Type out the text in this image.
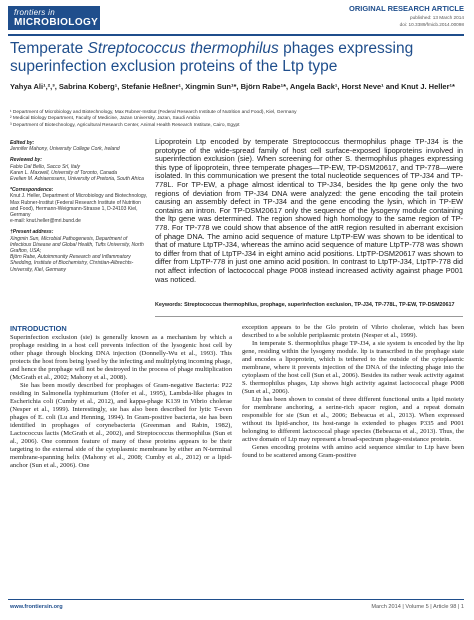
frontiers in
MICROBIOLOGY
ORIGINAL RESEARCH ARTICLE
published: 13 March 2014
doi: 10.3389/fmicb.2014.00098
Temperate Streptococcus thermophilus phages expressing superinfection exclusion proteins of the Ltp type
Yahya Ali¹,²,³, Sabrina Koberg¹, Stefanie Heßner¹, Xingmin Sun¹*, Björn Rabe¹*, Angela Back¹, Horst Neve¹ and Knut J. Heller¹*
¹ Department of Microbiology and Biotechnology, Max Rubner-Institut (Federal Research Institute of Nutrition and Food), Kiel, Germany
² Medical Biology Department, Faculty of Medicine, Jazan University, Jazan, Saudi Arabia
³ Department of Biotechnology, Agricultural Research Center, Animal Health Research Institute, Cairo, Egypt

Edited by:
Jennifer Mahony, University College Cork, Ireland

Reviewed by:
Fabio Dal Bello, Sacco Srl, Italy
Karen L. Maxwell, University of Toronto, Canada
Evelien M. Adriaenssens, University of Pretoria, South Africa

*Correspondence:
Knut J. Heller, Department of Microbiology and Biotechnology, Max Rubner-Institut (Federal Research Institute of Nutrition and Food), Hermann-Weigmann-Strasse 1, D-24103 Kiel, Germany
e-mail: knut.heller@mri.bund.de

†Present address:
Xingmin Sun, Microbial Pathogenesis, Department of Infectious Disease and Global Health, Tufts University, North Grafton, USA;
Björn Rabe, Autoimmunity Research and Inflammatory Shedding, Institute of Biochemistry, Christian-Albrechts-University, Kiel, Germany

Lipoprotein Ltp encoded by temperate Streptococcus thermophilus phage TP-J34 is the prototype of the wide-spread family of host cell surface-exposed lipoproteins involved in superinfection exclusion (sie). When screening for other S. thermophilus phages expressing this type of lipoprotein, three temperate phages—TP-EW, TP-DSM20617, and TP-778—were isolated. In this communication we present the total nucleotide sequences of TP-J34 and TP-778L. For TP-EW, a phage almost identical to TP-J34, besides the ltp gene only the two regions of deviation from TP-J34 DNA were analyzed: the gene encoding the tail protein causing an assembly defect in TP-J34 and the gene encoding the lysin, which in TP-EW contains an intron. For TP-DSM20617 only the sequence of the lysogeny module containing the ltp gene was determined. The region showed high homology to the same region of TP-778. For TP-778 we could show that absence of the attR region resulted in aberrant excision of phage DNA. The amino acid sequence of mature LtpTP-EW was shown to be identical to that of mature LtpTP-J34, whereas the amino acid sequence of mature LtpTP-778 was shown to differ from that of LtpTP-J34 in eight amino acid positions. LtpTP-DSM20617 was shown to differ from LtpTP-778 in just one amino acid position. In contrast to LtpTP-J34, LtpTP-778 did not affect infection of lactococcal phage P008 instead increased activity against phage P001 was noticed.

Keywords: Streptococcus thermophilus, prophage, superinfection exclusion, TP-J34, TP-778L, TP-EW, TP-DSM20617
INTRODUCTION

Superinfection exclusion (sie) is generally known as a mechanism by which a prophage residing in a host cell prevents infection of the lysogenic host cell by other phage through blocking DNA injection (Donnelly-Wu et al., 1993). This protects the host from being lysed by the infecting and multiplying incoming phage, and hence the prophage will not be destroyed in the process of phage multiplication (McGrath et al., 2002; Mahony et al., 2008).

Sie has been mostly described for prophages of Gram-negative Bacteria: P22 residing in Salmonella typhimurium (Hofer et al., 1995), Lambda-like phages in Escherichia coli (Cumby et al., 2012), and kappa-phage K139 in Vibrio cholerae (Nesper et al., 1999). Interestingly, sie has also been described for lytic T-even phages of E. coli (Lu and Henning, 1994). In Gram-positive bacteria, sie has been identified in prophages of corynebacteria (Greenman and Rabin, 1982), Lactococcus lactis (McGrath et al., 2002), and Streptococcus thermophilus (Sun et al., 2006). One common feature of many of these proteins appears to be their targeting to the external side of the cytoplasmic membrane by either an N-terminal membrane-spanning helix (Mahony et al., 2008; Cumby et al., 2012) or a lipid-anchor (Sun et al., 2006). One

exception appears to be the Glo protein of Vibrio cholerae, which has been described to a be soluble periplasmic protein (Nesper et al., 1999).

In temperate S. thermophilus phage TP-J34, a sie system is encoded by the ltp gene, residing within the lysogeny module. ltp is transcribed in the prophage state and encodes a lipoprotein, which is tethered to the outside of the cytoplasmic membrane, where it prevents injection of the DNA of the infecting phage into the cytoplasm of the host cell (Sun et al., 2006). Besides its rather weak activity against S. thermophilus phages, Ltp shows high activity against lactococcal phage P008 (Sun et al., 2006).

Ltp has been shown to consist of three different functional units a lipid moiety for membrane anchoring, a serine-rich spacer region, and a repeat domain responsible for sie (Sun et al., 2006; Bebeacua et al., 2013). When expressed without its lipid-anchor, its host-range is extended to phages P335 and P001 belonging to different lactococcal phage species (Bebeacua et al., 2013). Thus, the active domain of Ltp may represent a broad-spectrum phage-resistance protein.

Genes encoding proteins with amino acid sequence similar to Ltp have been found to be scattered among Gram-positive

www.frontiersin.org	March 2014 | Volume 5 | Article 98 | 1
